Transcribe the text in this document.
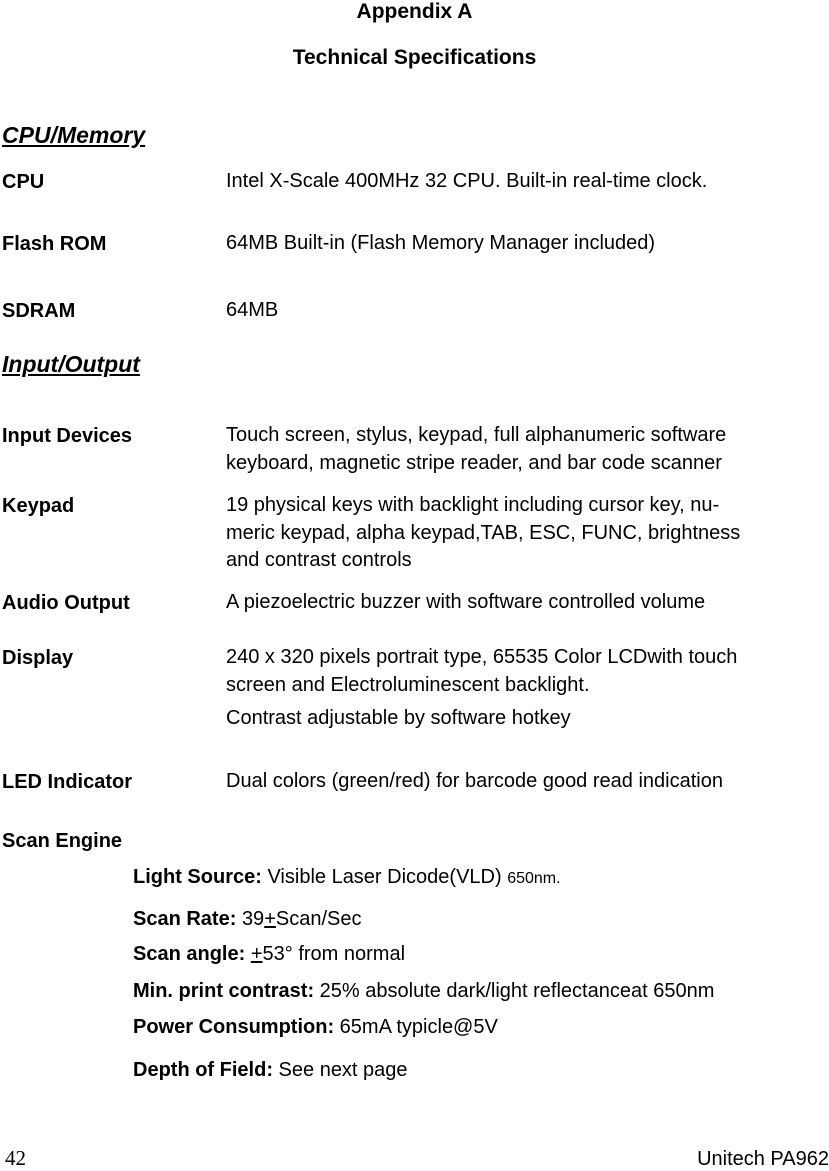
Appendix A
Technical Specifications
CPU/Memory
CPU	Intel X-Scale 400MHz 32 CPU. Built-in real-time clock.
Flash ROM	64MB Built-in (Flash Memory Manager included)
SDRAM	64MB
Input/Output
Input Devices	Touch screen, stylus, keypad, full alphanumeric software
keyboard, magnetic stripe reader, and bar code scanner
Keypad	19 physical keys with backlight including cursor key, nu-
meric keypad, alpha keypad,TAB, ESC, FUNC, brightness
and contrast controls
Audio Output	A piezoelectric buzzer with software controlled volume
Display	240 x 320 pixels portrait type, 65535 Color LCDwith touch
screen and Electroluminescent backlight.
Contrast adjustable by software hotkey
LED Indicator	Dual colors (green/red) for barcode good read indication
Scan Engine
Light Source: Visible Laser Dicode(VLD) 650nm.
Scan Rate: 39+Scan/Sec
Scan angle: +53° from normal
Min. print contrast: 25% absolute dark/light reflectanceat 650nm
Power Consumption: 65mA typicle@5V
Depth of Field: See next page
42	Unitech PA962
